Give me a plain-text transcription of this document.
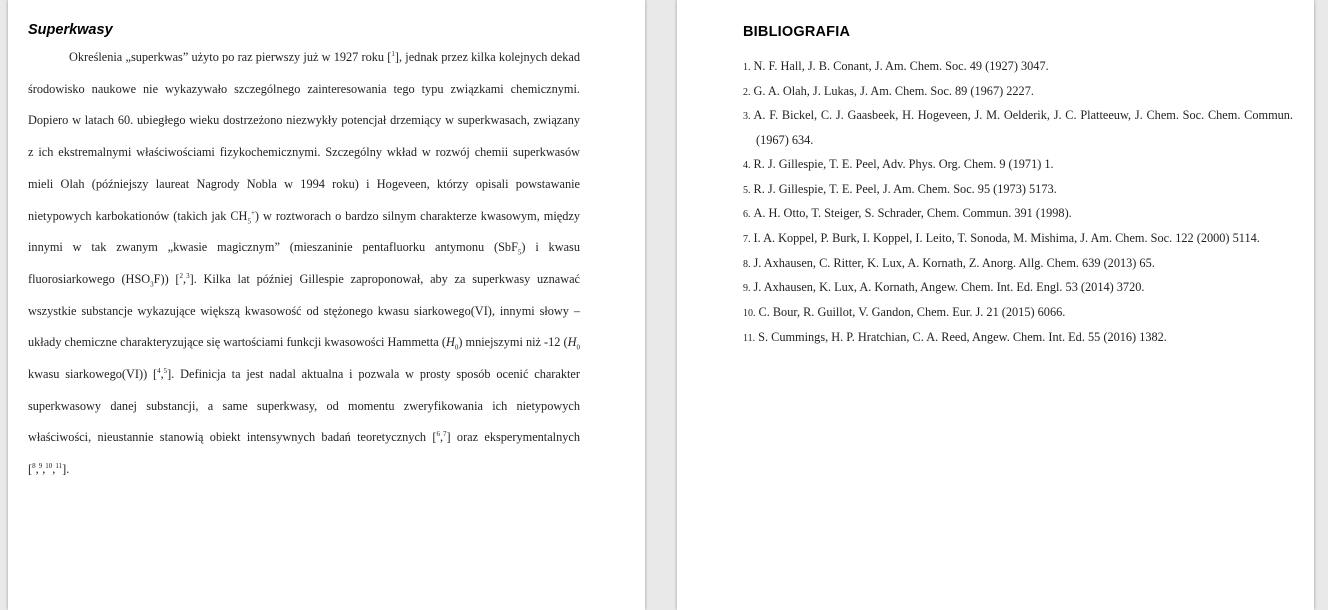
Superkwasy

Określenia „superkwas” użyto po raz pierwszy już w 1927 roku [$^1$], jednak przez kilka kolejnych dekad środowisko naukowe nie wykazywało szczególnego zainteresowania tego typu związkami chemicznymi. Dopiero w latach 60. ubiegłego wieku dostrzeżono niezwykły potencjał drzemiący w superkwasach, związany z ich ekstremalnymi właściwościami fizykochemicznymi. Szczególny wkład w rozwój chemii superkwasów mieli Olah (późniejszy laureat Nagrody Nobla w 1994 roku) i Hogeveen, którzy opisali powstawanie nietypowych karbokationów (takich jak $CH_5^+$) w roztworach o bardzo silnym charakterze kwasowym, między innymi w tak zwanym „kwasie magicznym” (mieszaninie pentafluorku antymonu (SbF$_5$) i kwasu fluorosiarkowego $(HSO_3F)$) [$^2$,$^3$]. Kilka lat później Gillespie zaproponował, aby za superkwasy uznawać wszystkie substancje wykazujące większą kwasowość od stężonego kwasu siarkowego(VI), innymi słowy – układy chemiczne charakteryzujące się wartościami funkcji kwasowości Hammetta $(H_0)$ mniejszymi niż -12 ($H_0$ kwasu siarkowego(VI)) [$^4$,$^5$]. Definicja ta jest nadal aktualna i pozwala w prosty sposób ocenić charakter superkwasowy danej substancji, a same superkwasy, od momentu zweryfikowania ich nietypowych właściwości, nieustannie stanowią obiekt intensywnych badań teoretycznych [$^6$,$^7$] oraz eksperymentalnych [$^8$,$^9$,$^{10}$,$^{11}$].

BIBLIOGRAFIA
1. N. F. Hall, J. B. Conant, J. Am. Chem. Soc. 49 (1927) 3047.
2. G. A. Olah, J. Lukas, J. Am. Chem. Soc. 89 (1967) 2227.
3. A. F. Bickel, C. J. Gaasbeek, H. Hogeveen, J. M. Oelderik, J. C. Platteeuw, J. Chem. Soc. Chem. Commun. (1967) 634.
4. R. J. Gillespie, T. E. Peel, Adv. Phys. Org. Chem. 9 (1971) 1.
5. R. J. Gillespie, T. E. Peel, J. Am. Chem. Soc. 95 (1973) 5173.
6. A. H. Otto, T. Steiger, S. Schrader, Chem. Commun. 391 (1998).
7. I. A. Koppel, P. Burk, I. Koppel, I. Leito, T. Sonoda, M. Mishima, J. Am. Chem. Soc. 122 (2000) 5114.
8. J. Axhausen, C. Ritter, K. Lux, A. Kornath, Z. Anorg. Allg. Chem. 639 (2013) 65.
9. J. Axhausen, K. Lux, A. Kornath, Angew. Chem. Int. Ed. Engl. 53 (2014) 3720.
10. C. Bour, R. Guillot, V. Gandon, Chem. Eur. J. 21 (2015) 6066.
11. S. Cummings, H. P. Hratchian, C. A. Reed, Angew. Chem. Int. Ed. 55 (2016) 1382.
